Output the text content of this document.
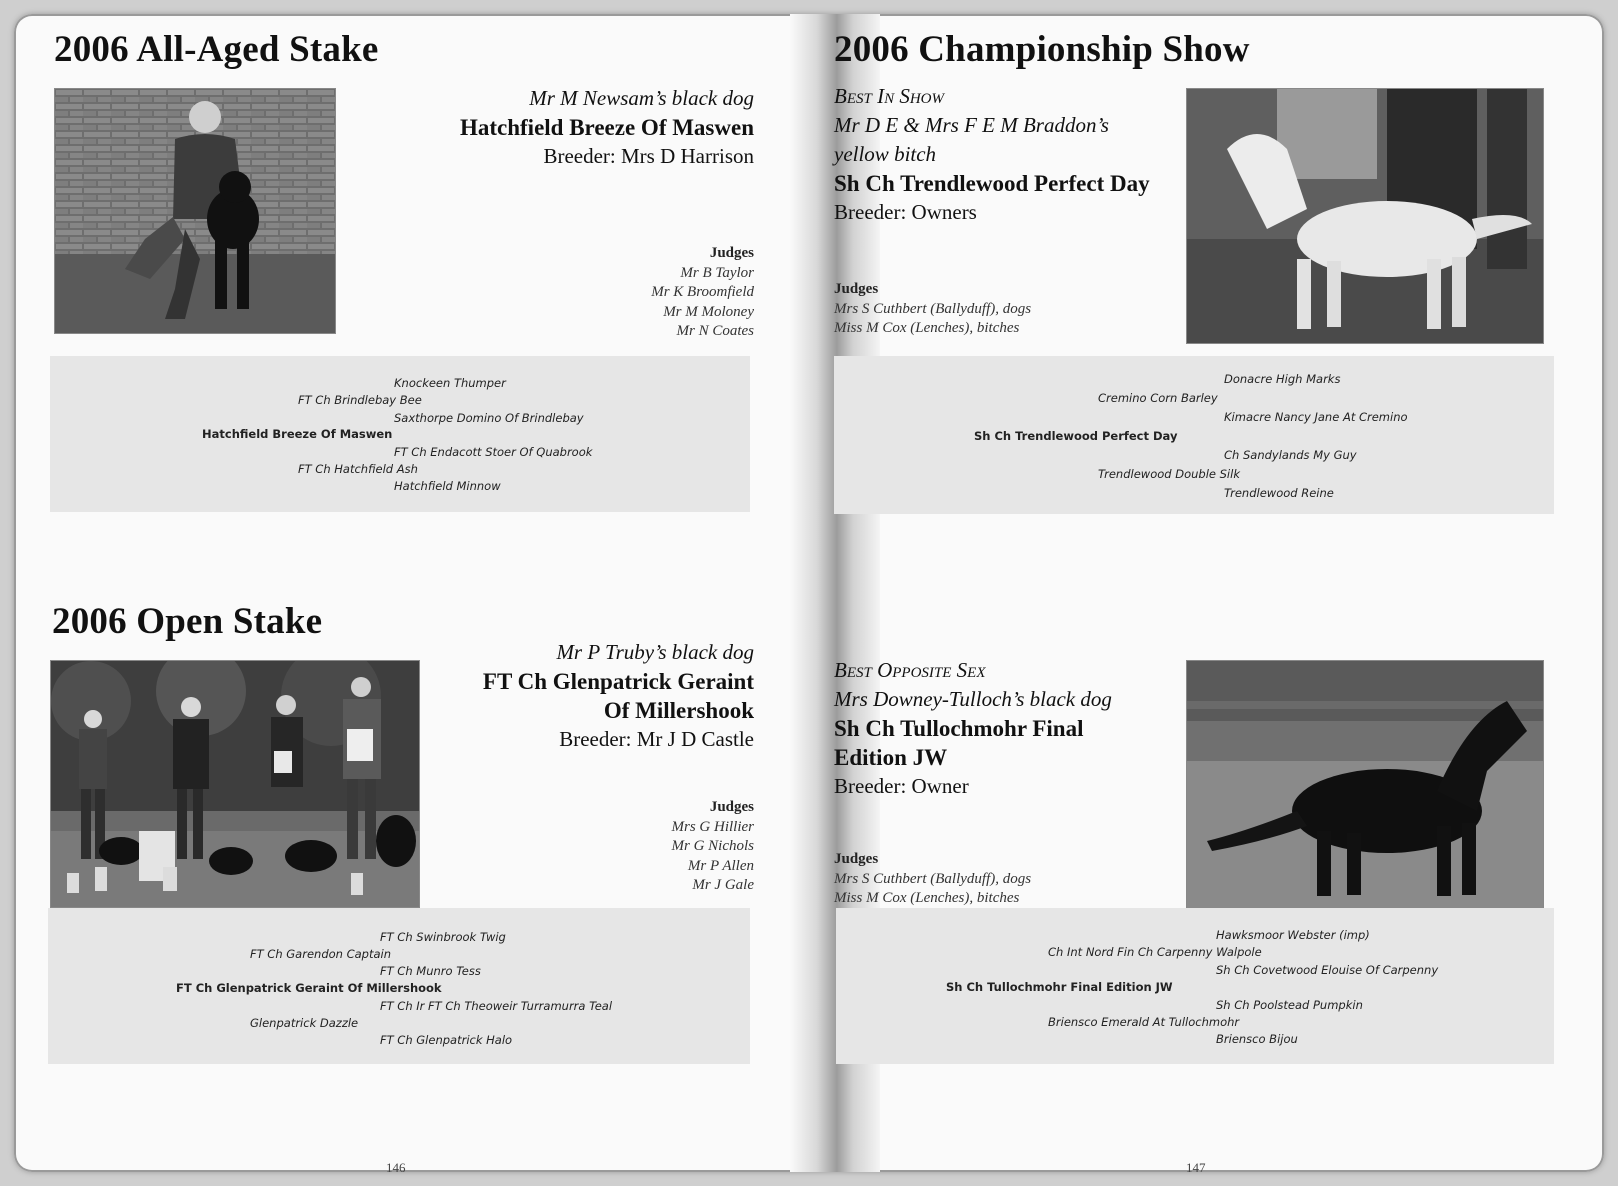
2006 All-Aged Stake
Mr M Newsam’s black dog
Hatchfield Breeze Of Maswen
Breeder: Mrs D Harrison
Judges
Mr B Taylor
Mr K Broomfield
Mr M Moloney
Mr N Coates
Knockeen Thumper
FT Ch Brindlebay Bee
Saxthorpe Domino Of Brindlebay
Hatchfield Breeze Of Maswen
FT Ch Endacott Stoer Of Quabrook
FT Ch Hatchfield Ash
Hatchfield Minnow
2006 Open Stake
Mr P Truby’s black dog
FT Ch Glenpatrick Geraint
Of Millershook
Breeder: Mr J D Castle
Judges
Mrs G Hillier
Mr G Nichols
Mr P Allen
Mr J Gale
FT Ch Swinbrook Twig
FT Ch Garendon Captain
FT Ch Munro Tess
FT Ch Glenpatrick Geraint Of Millershook
FT Ch Ir FT Ch Theoweir Turramurra Teal
Glenpatrick Dazzle
FT Ch Glenpatrick Halo
146
2006 Championship Show
Best In Show
Mr D E & Mrs F E M Braddon’s
yellow bitch
Sh Ch Trendlewood Perfect Day
Breeder: Owners
Judges
Mrs S Cuthbert (Ballyduff), dogs
Miss M Cox (Lenches), bitches
Donacre High Marks
Cremino Corn Barley
Kimacre Nancy Jane At Cremino
Sh Ch Trendlewood Perfect Day
Ch Sandylands My Guy
Trendlewood Double Silk
Trendlewood Reine
Best Opposite Sex
Mrs Downey-Tulloch’s black dog
Sh Ch Tullochmohr Final
Edition JW
Breeder: Owner
Judges
Mrs S Cuthbert (Ballyduff), dogs
Miss M Cox (Lenches), bitches
Hawksmoor Webster (imp)
Ch Int Nord Fin Ch Carpenny Walpole
Sh Ch Covetwood Elouise Of Carpenny
Sh Ch Tullochmohr Final Edition JW
Sh Ch Poolstead Pumpkin
Briensco Emerald At Tullochmohr
Briensco Bijou
147
